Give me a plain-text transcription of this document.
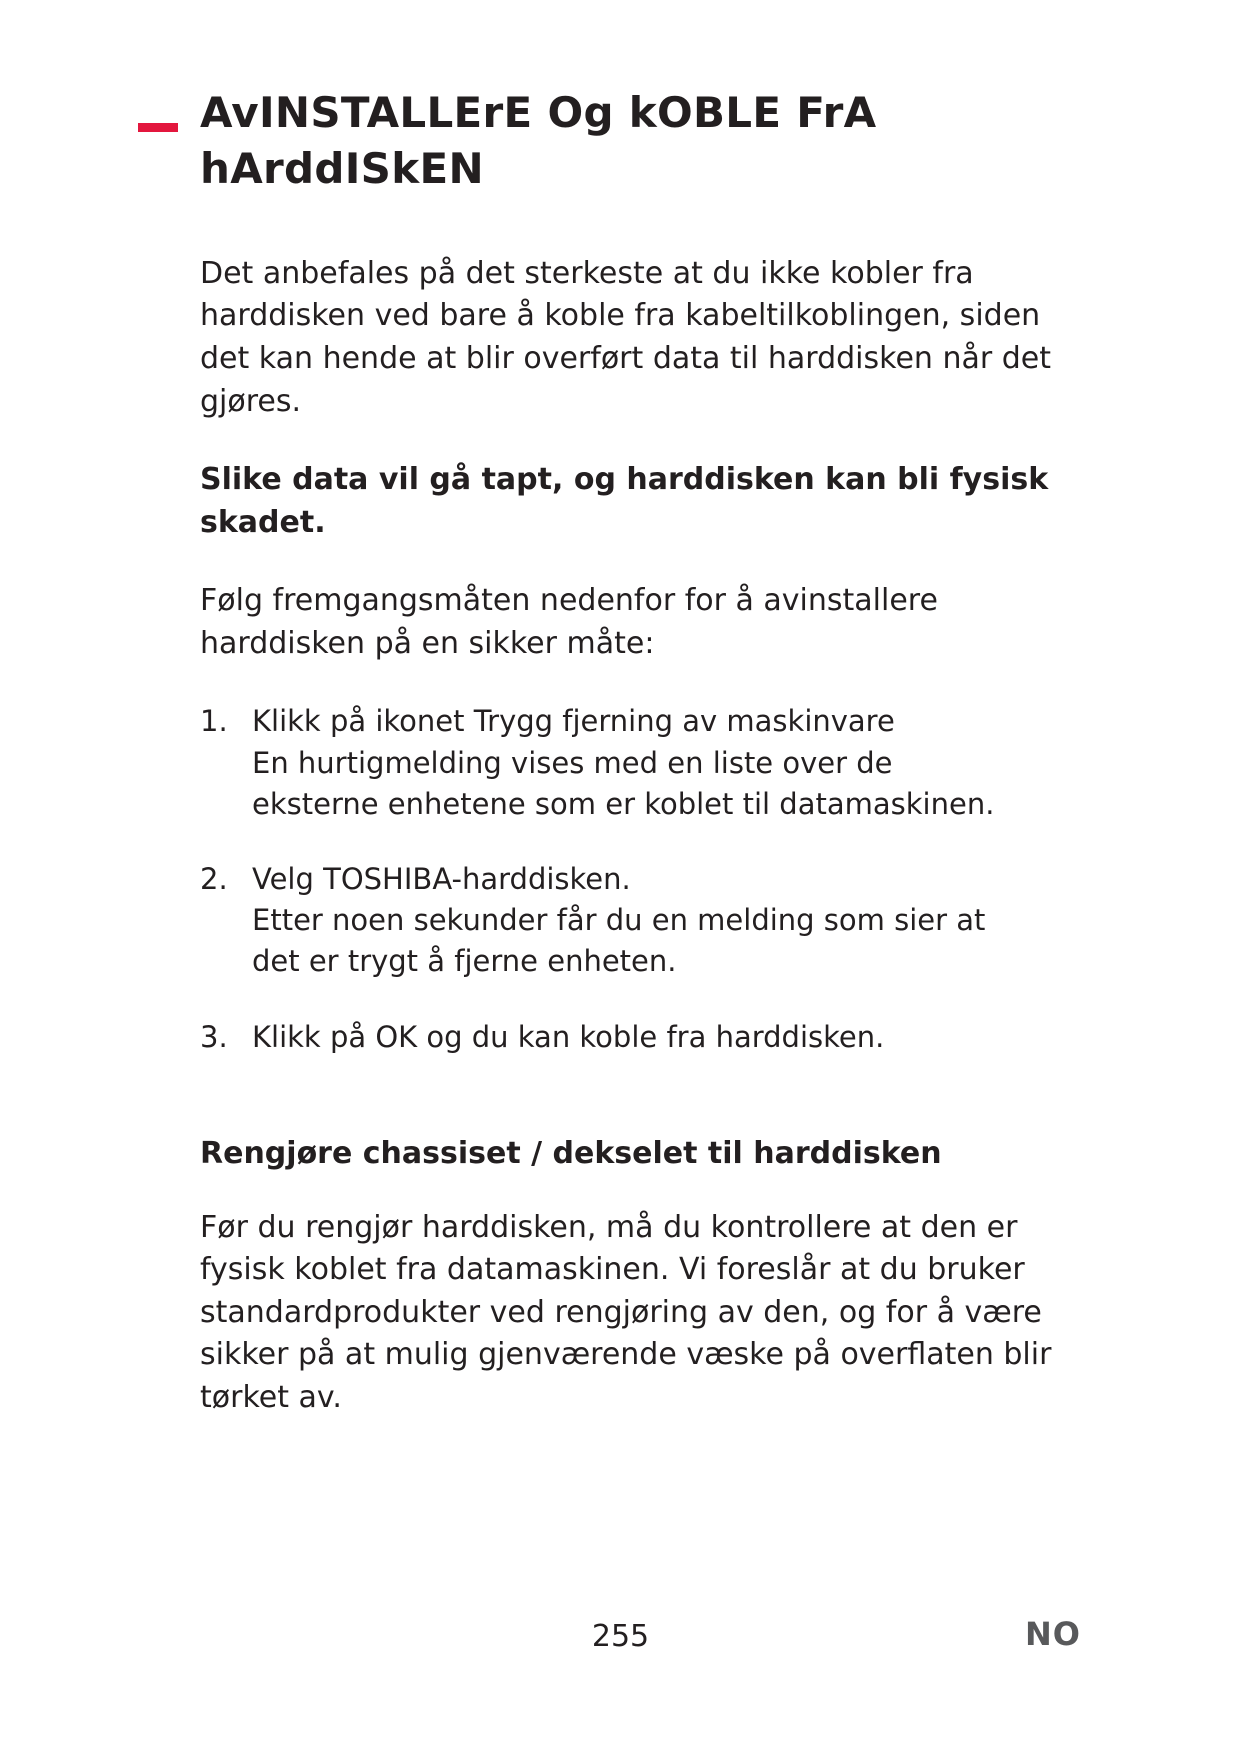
AvINSTALLErE Og kOBLE FrA hArddISkEN

Det anbefales på det sterkeste at du ikke kobler fra harddisken ved bare å koble fra kabeltilkoblingen, siden det kan hende at blir overført data til harddisken når det gjøres.

Slike data vil gå tapt, og harddisken kan bli fysisk skadet.

Følg fremgangsmåten nedenfor for å avinstallere harddisken på en sikker måte:

1. Klikk på ikonet Trygg fjerning av maskinvare
En hurtigmelding vises med en liste over de
eksterne enhetene som er koblet til datamaskinen.
2. Velg TOSHIBA-harddisken.
Etter noen sekunder får du en melding som sier at
det er trygt å fjerne enheten.
3. Klikk på OK og du kan koble fra harddisken.
Rengjøre chassiset / dekselet til harddisken

Før du rengjør harddisken, må du kontrollere at den er fysisk koblet fra datamaskinen. Vi foreslår at du bruker standardprodukter ved rengjøring av den, og for å være sikker på at mulig gjenværende væske på overflaten blir tørket av.

255	NO
